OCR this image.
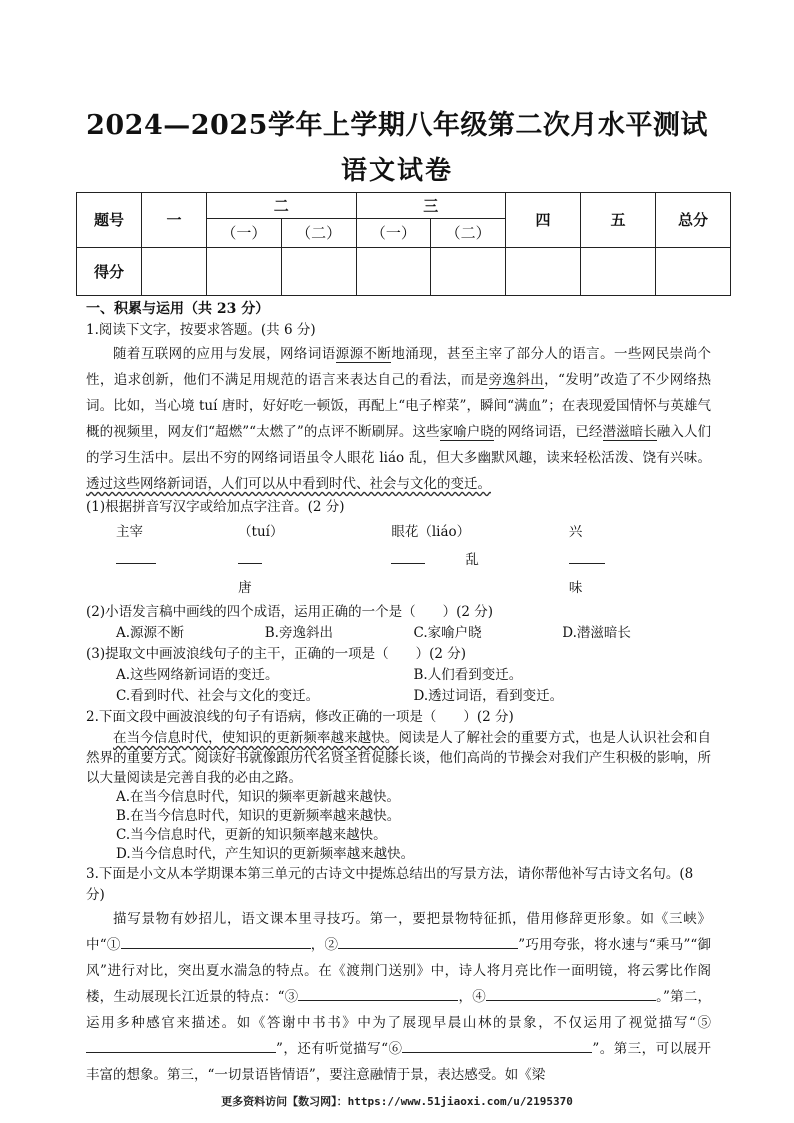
2024—2025学年上学期八年级第二次月水平测试
语文试卷
题号	一	二		三		四	五	总分
		（一）	（二）	（一）	（二）			
得分								
一、积累与运用（共 23 分）
1.阅读下文字，按要求答题。(共 6 分)
随着互联网的应用与发展，网络词语源源不断地涌现，甚至主宰了部分人的语言。一些网民崇尚个性，追求创新，他们不满足用规范的语言来表达自己的看法，而是旁逸斜出，“发明”改造了不少网络热词。比如，当心境 tuí 唐时，好好吃一顿饭，再配上“电子榨菜”，瞬间“满血”；在表现爱国情怀与英雄气概的视频里，网友们“超燃”“太燃了”的点评不断刷屏。这些家喻户晓的网络词语，已经潜滋暗长融入人们的学习生活中。层出不穷的网络词语虽令人眼花 liáo 乱，但大多幽默风趣，读来轻松活泼、饶有兴味。透过这些网络新词语，人们可以从中看到时代、社会与文化的变迁。
(1)根据拼音写汉字或给加点字注音。(2 分)
主宰	（tuí）唐
眼花（liáo）乱
兴味
(2)小语发言稿中画线的四个成语，运用正确的一个是（　　）(2 分)
A.源源不断	B.旁逸斜出	C.家喻户晓	D.潜滋暗长
(3)提取文中画波浪线句子的主干，正确的一项是（　　）(2 分)
A.这些网络新词语的变迁。	B.人们看到变迁。
C.看到时代、社会与文化的变迁。	D.透过词语，看到变迁。
2.下面文段中画波浪线的句子有语病，修改正确的一项是（　　）(2 分)
在当今信息时代，使知识的更新频率越来越快。阅读是人了解社会的重要方式，也是人认识社会和自然界的重要方式。阅读好书就像跟历代名贤圣哲促膝长谈，他们高尚的节操会对我们产生积极的影响，所以大量阅读是完善自我的必由之路。
A.在当今信息时代，知识的频率更新越来越快。
B.在当今信息时代，知识的更新频率越来越快。
C.当今信息时代，更新的知识频率越来越快。
D.当今信息时代，产生知识的更新频率越来越快。
3.下面是小文从本学期课本第三单元的古诗文中提炼总结出的写景方法，请你帮他补写古诗文名句。(8 分)
描写景物有妙招儿，语文课本里寻技巧。第一，要把景物特征抓，借用修辞更形象。如《三峡》中“①	，②	”巧用夸张，将水速与“乘马”“御风”进行对比，突出夏水湍急的特点。在《渡荆门送别》中，诗人将月亮比作一面明镜，将云雾比作阁楼，生动展现长江近景的特点：“③	，④	。”第二，运用多种感官来描述。如《答谢中书书》中为了展现早晨山林的景象，不仅运用了视觉描写“⑤”，还有听觉描写“⑥	”。第三，可以展开丰富的想象。第三，“一切景语皆情语”，要注意融情于景，表达感受。如《梁
更多资料访问【数习网】：https://www.51jiaoxi.com/u/2195370
